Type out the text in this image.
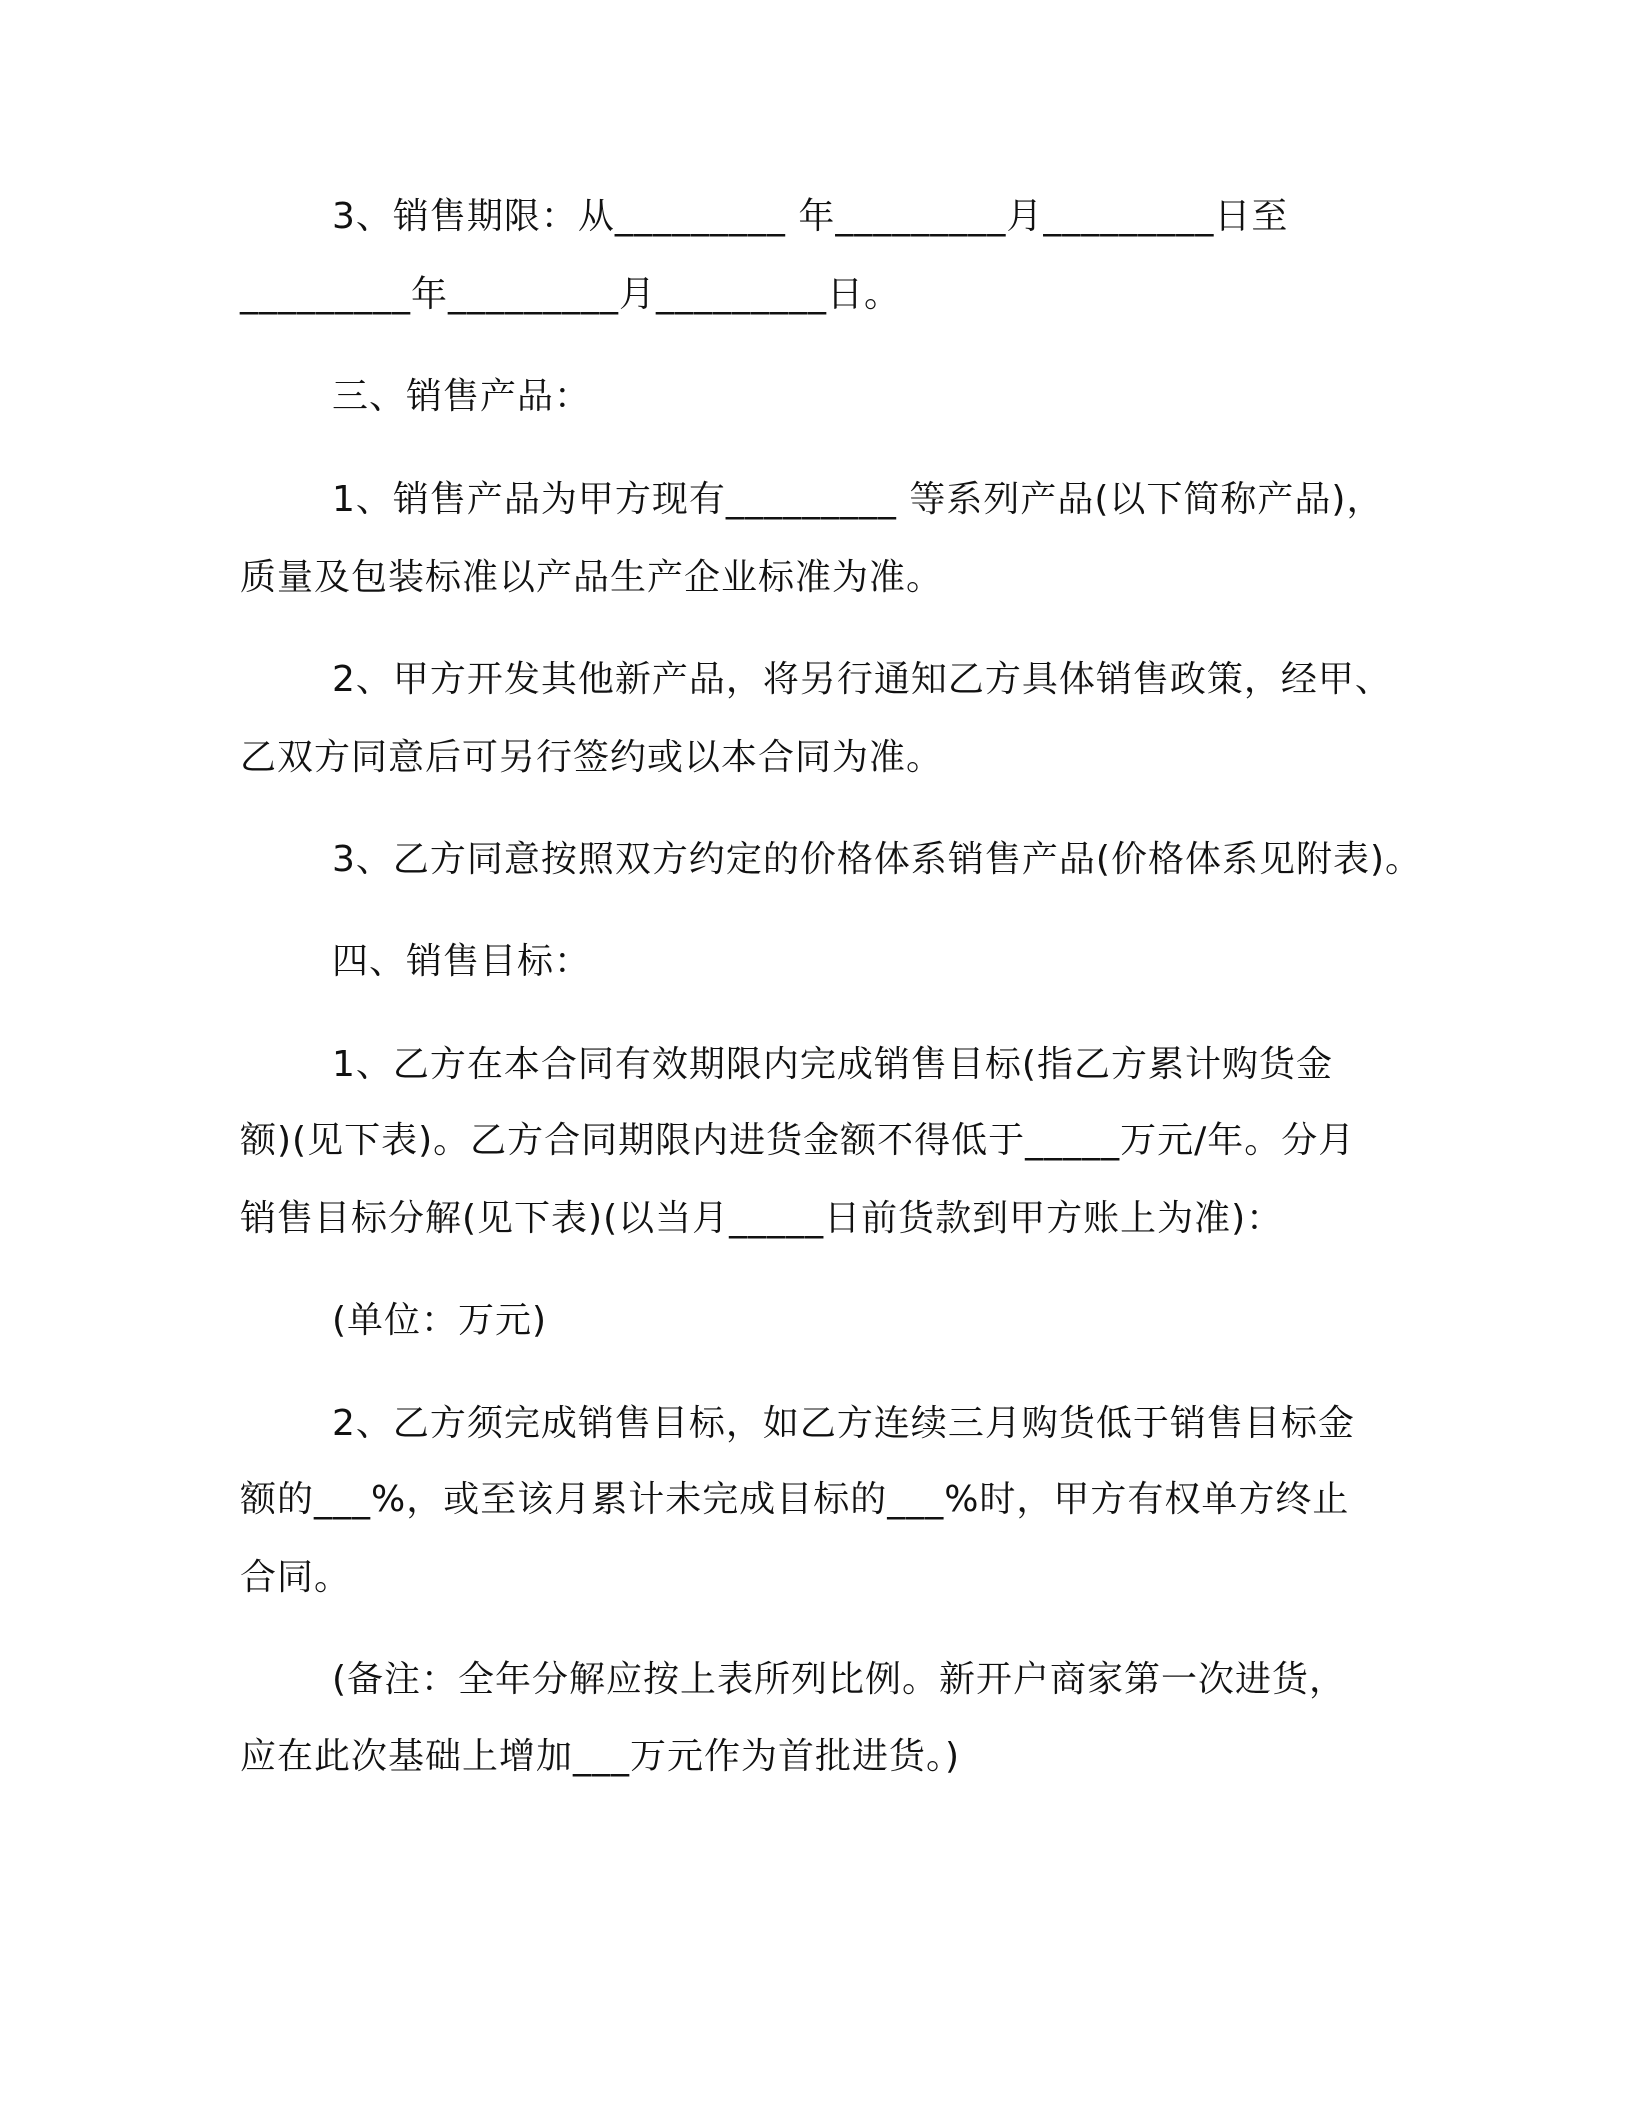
3、销售期限：从_________ 年_________月_________日至
_________年_________月_________日。
三、销售产品：
1、销售产品为甲方现有_________ 等系列产品(以下简称产品)，
质量及包装标准以产品生产企业标准为准。
2、甲方开发其他新产品，将另行通知乙方具体销售政策，经甲、
乙双方同意后可另行签约或以本合同为准。
3、乙方同意按照双方约定的价格体系销售产品(价格体系见附表)。
四、销售目标：
1、乙方在本合同有效期限内完成销售目标(指乙方累计购货金
额)(见下表)。乙方合同期限内进货金额不得低于_____万元/年。分月
销售目标分解(见下表)(以当月_____日前货款到甲方账上为准)：
(单位：万元)
2、乙方须完成销售目标，如乙方连续三月购货低于销售目标金
额的___%，或至该月累计未完成目标的___%时，甲方有权单方终止
合同。
(备注：全年分解应按上表所列比例。新开户商家第一次进货，
应在此次基础上增加___万元作为首批进货。)
